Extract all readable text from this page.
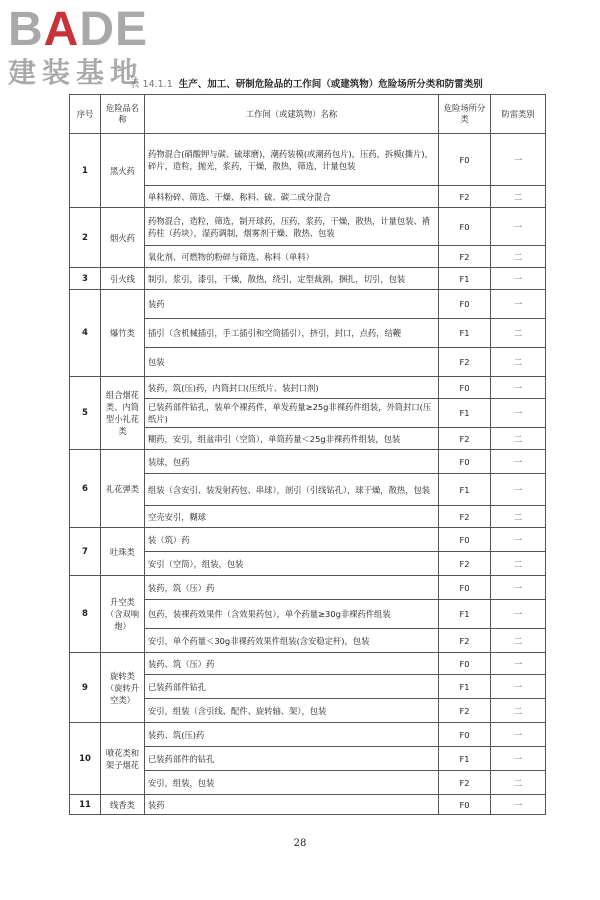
BADE
建装基地
表 14.1.1 生产、加工、研制危险品的工作间（或建筑物）危险场所分类和防雷类别
序号	危险品名　称	工作间（或建筑物）名称	危险场所分类	防雷类别
1	黑火药	药物混合(硝酸钾与碳、硫球磨)，潮药装模(或潮药包片)，压药，拆模(撕片)，碎片，造粒，抛光，浆药，干燥，散热，筛选，计量包装	F0	一
		单料粉碎、筛选、干燥、称料、硫、碳二成分混合	F2	二
2	烟火药	药物混合，造粒，筛选，制开球药，压药，浆药，干燥，散热，计量包装、褙药柱（药块），湿药调制，烟雾剂干燥、散热、包装	F0	一
		氧化剂、可燃物的粉碎与筛选、称料（单料）	F2	二
3	引火线	制引，浆引，漆引，干燥，散热，绕引，定型裁割，捆扎，切引，包装	F1	一
4	爆竹类	装药	F0	一
		插引（含机械插引，手工插引和空筒插引），挤引，封口，点药，结鞭	F1	二
		包装	F2	二
5	组合烟花类、内筒型小礼花类	装药，筑(压)药，内筒封口(压纸片、装封口剂)	F0	一
		已装药部件钻孔，装单个裸药件，单发药量≥25g非裸药件组装，外筒封口(压纸片)	F1	一
		糊药，安引，组盆串引（空筒），单筒药量＜25g非裸药件组装，包装	F2	二
6	礼花弹类	装球，包药	F0	一
		组装（含安引、装发射药包、串球），剖引（引线钻孔），球干燥，散热，包装	F1	一
		空壳安引，糊球	F2	二
7	吐珠类	装（筑）药	F0	一
		安引（空筒），组装，包装	F2	二
8	升空类（含双响炮）	装药，筑（压）药	F0	一
		包药，装裸药效果件（含效果药包），单个药量≥30g非裸药件组装	F1	一
		安引，单个药量＜30g非裸药效果件组装(含安稳定杆)，包装	F2	二
9	旋转类（旋转升空类）	装药、筑（压）药	F0	一
		已装药部件钻孔	F1	一
		安引，组装（含引线、配件、旋转轴、架），包装	F2	二
10	喷花类和架子烟花	装药、筑(压)药	F0	一
		已装药部件的钻孔	F1	一
		安引，组装，包装	F2	二
11	线香类	装药	F0	一
28
